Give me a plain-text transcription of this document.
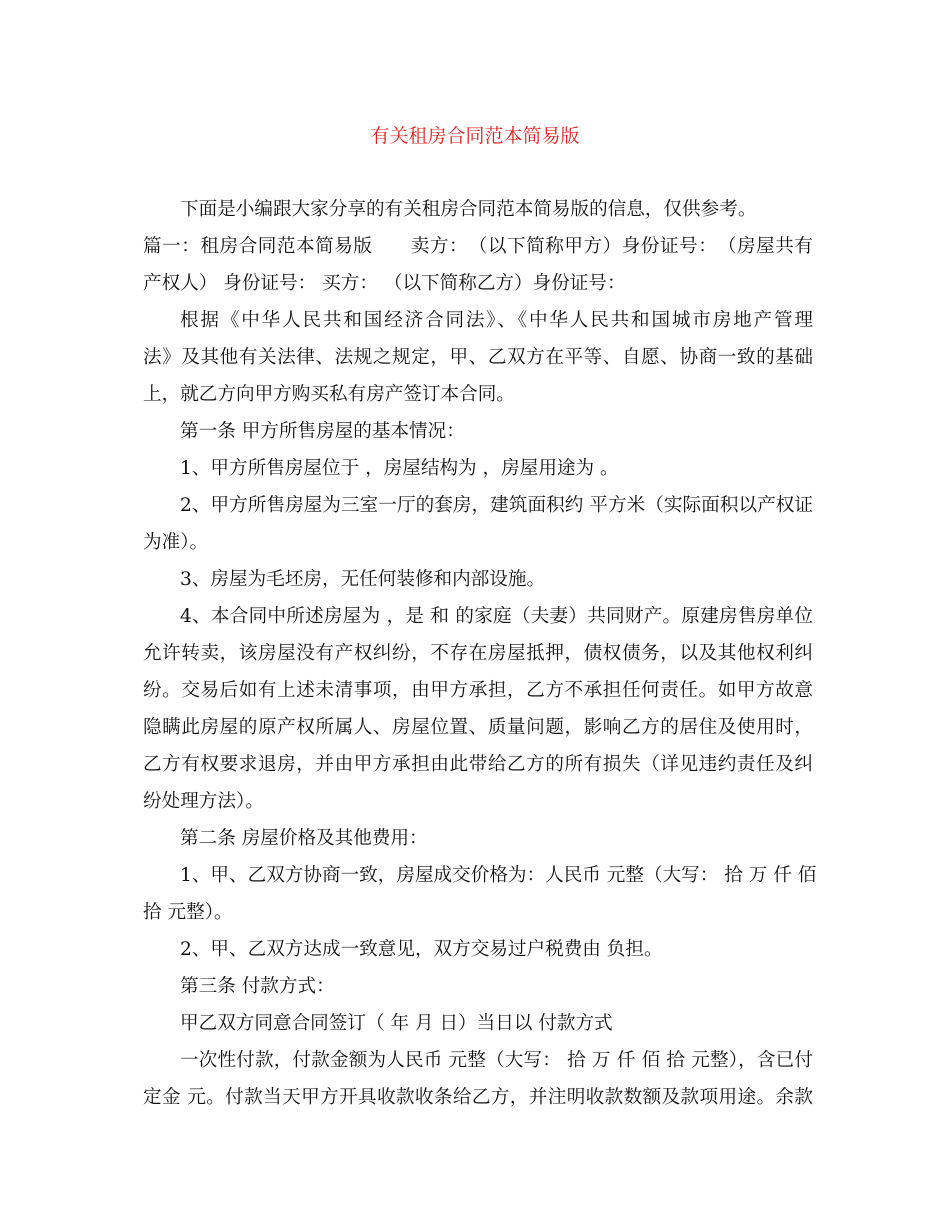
有关租房合同范本简易版
下面是小编跟大家分享的有关租房合同范本简易版的信息，仅供参考。
篇一：租房合同范本简易版　　卖方：　（以下简称甲方）身份证号：　（房屋共有
产权人） 身份证号： 买方： （以下简称乙方）身份证号：
根据《中华人民共和国经济合同法》、《中华人民共和国城市房地产管理
法》及其他有关法律、法规之规定，甲、乙双方在平等、自愿、协商一致的基础
上，就乙方向甲方购买私有房产签订本合同。
第一条 甲方所售房屋的基本情况：
1、甲方所售房屋位于 ，房屋结构为 ，房屋用途为 。
2、甲方所售房屋为三室一厅的套房，建筑面积约 平方米（实际面积以产权证
为准）。
3、房屋为毛坯房，无任何装修和内部设施。
4、本合同中所述房屋为 ，是 和 的家庭（夫妻）共同财产。原建房售房单位
允许转卖，该房屋没有产权纠纷，不存在房屋抵押，债权债务，以及其他权利纠
纷。交易后如有上述未清事项，由甲方承担，乙方不承担任何责任。如甲方故意
隐瞒此房屋的原产权所属人、房屋位置、质量问题，影响乙方的居住及使用时，
乙方有权要求退房，并由甲方承担由此带给乙方的所有损失（详见违约责任及纠
纷处理方法）。
第二条 房屋价格及其他费用：
1、甲、乙双方协商一致，房屋成交价格为：人民币 元整（大写： 拾 万 仟 佰
拾 元整）。
2、甲、乙双方达成一致意见，双方交易过户税费由 负担。
第三条 付款方式：
甲乙双方同意合同签订（ 年 月 日）当日以 付款方式
一次性付款，付款金额为人民币 元整（大写： 拾 万 仟 佰 拾 元整），含已付
定金 元。付款当天甲方开具收款收条给乙方，并注明收款数额及款项用途。余款
